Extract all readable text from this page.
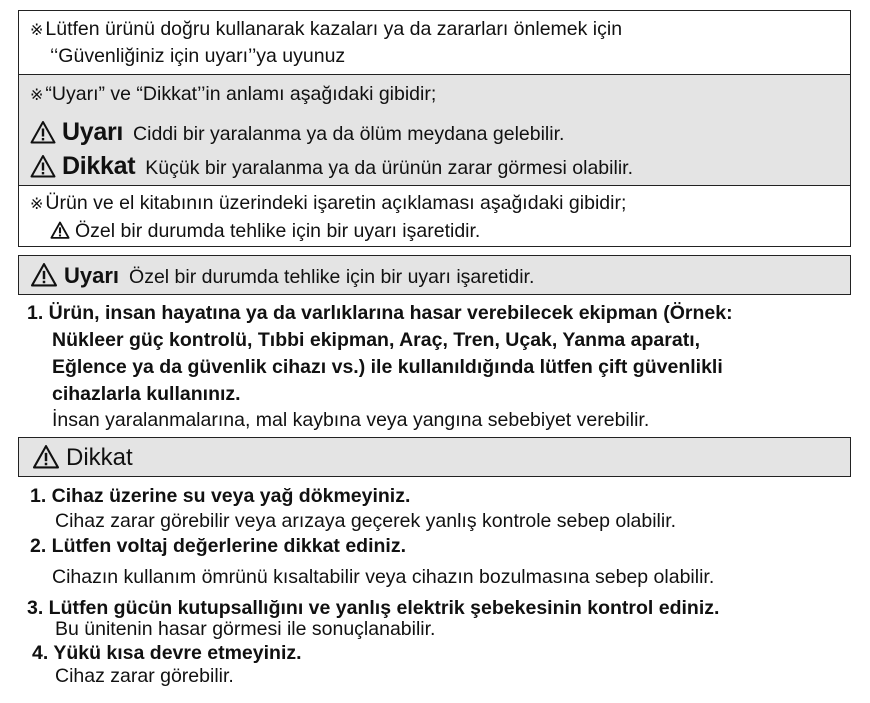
※ Lütfen ürünü doğru kullanarak kazaları ya da zararları önlemek için
‘‘Güvenliğiniz için uyarı’’ya uyunuz
※ “Uyarı” ve “Dikkat’’in anlamı aşağıdaki gibidir;
Uyarı Ciddi bir yaralanma ya da ölüm meydana gelebilir.
Dikkat Küçük bir yaralanma ya da ürünün zarar görmesi olabilir.
※ Ürün ve el kitabının üzerindeki işaretin açıklaması aşağıdaki gibidir;
Özel bir durumda tehlike için bir uyarı işaretidir.
Uyarı Özel bir durumda tehlike için bir uyarı işaretidir.
1. Ürün, insan hayatına ya da varlıklarına hasar verebilecek ekipman (Örnek:
Nükleer güç kontrolü, Tıbbi ekipman, Araç, Tren, Uçak, Yanma aparatı,
Eğlence ya da güvenlik cihazı vs.) ile kullanıldığında lütfen çift güvenlikli
cihazlarla kullanınız.
İnsan yaralanmalarına, mal kaybına veya yangına sebebiyet verebilir.
Dikkat
1. Cihaz üzerine su veya yağ dökmeyiniz.
Cihaz zarar görebilir veya arızaya geçerek yanlış kontrole sebep olabilir.
2. Lütfen voltaj değerlerine dikkat ediniz.
Cihazın kullanım ömrünü kısaltabilir veya cihazın bozulmasına sebep olabilir.
3. Lütfen gücün kutupsallığını ve yanlış elektrik şebekesinin kontrol ediniz.
Bu ünitenin hasar görmesi ile sonuçlanabilir.
4. Yükü kısa devre etmeyiniz.
Cihaz zarar görebilir.
